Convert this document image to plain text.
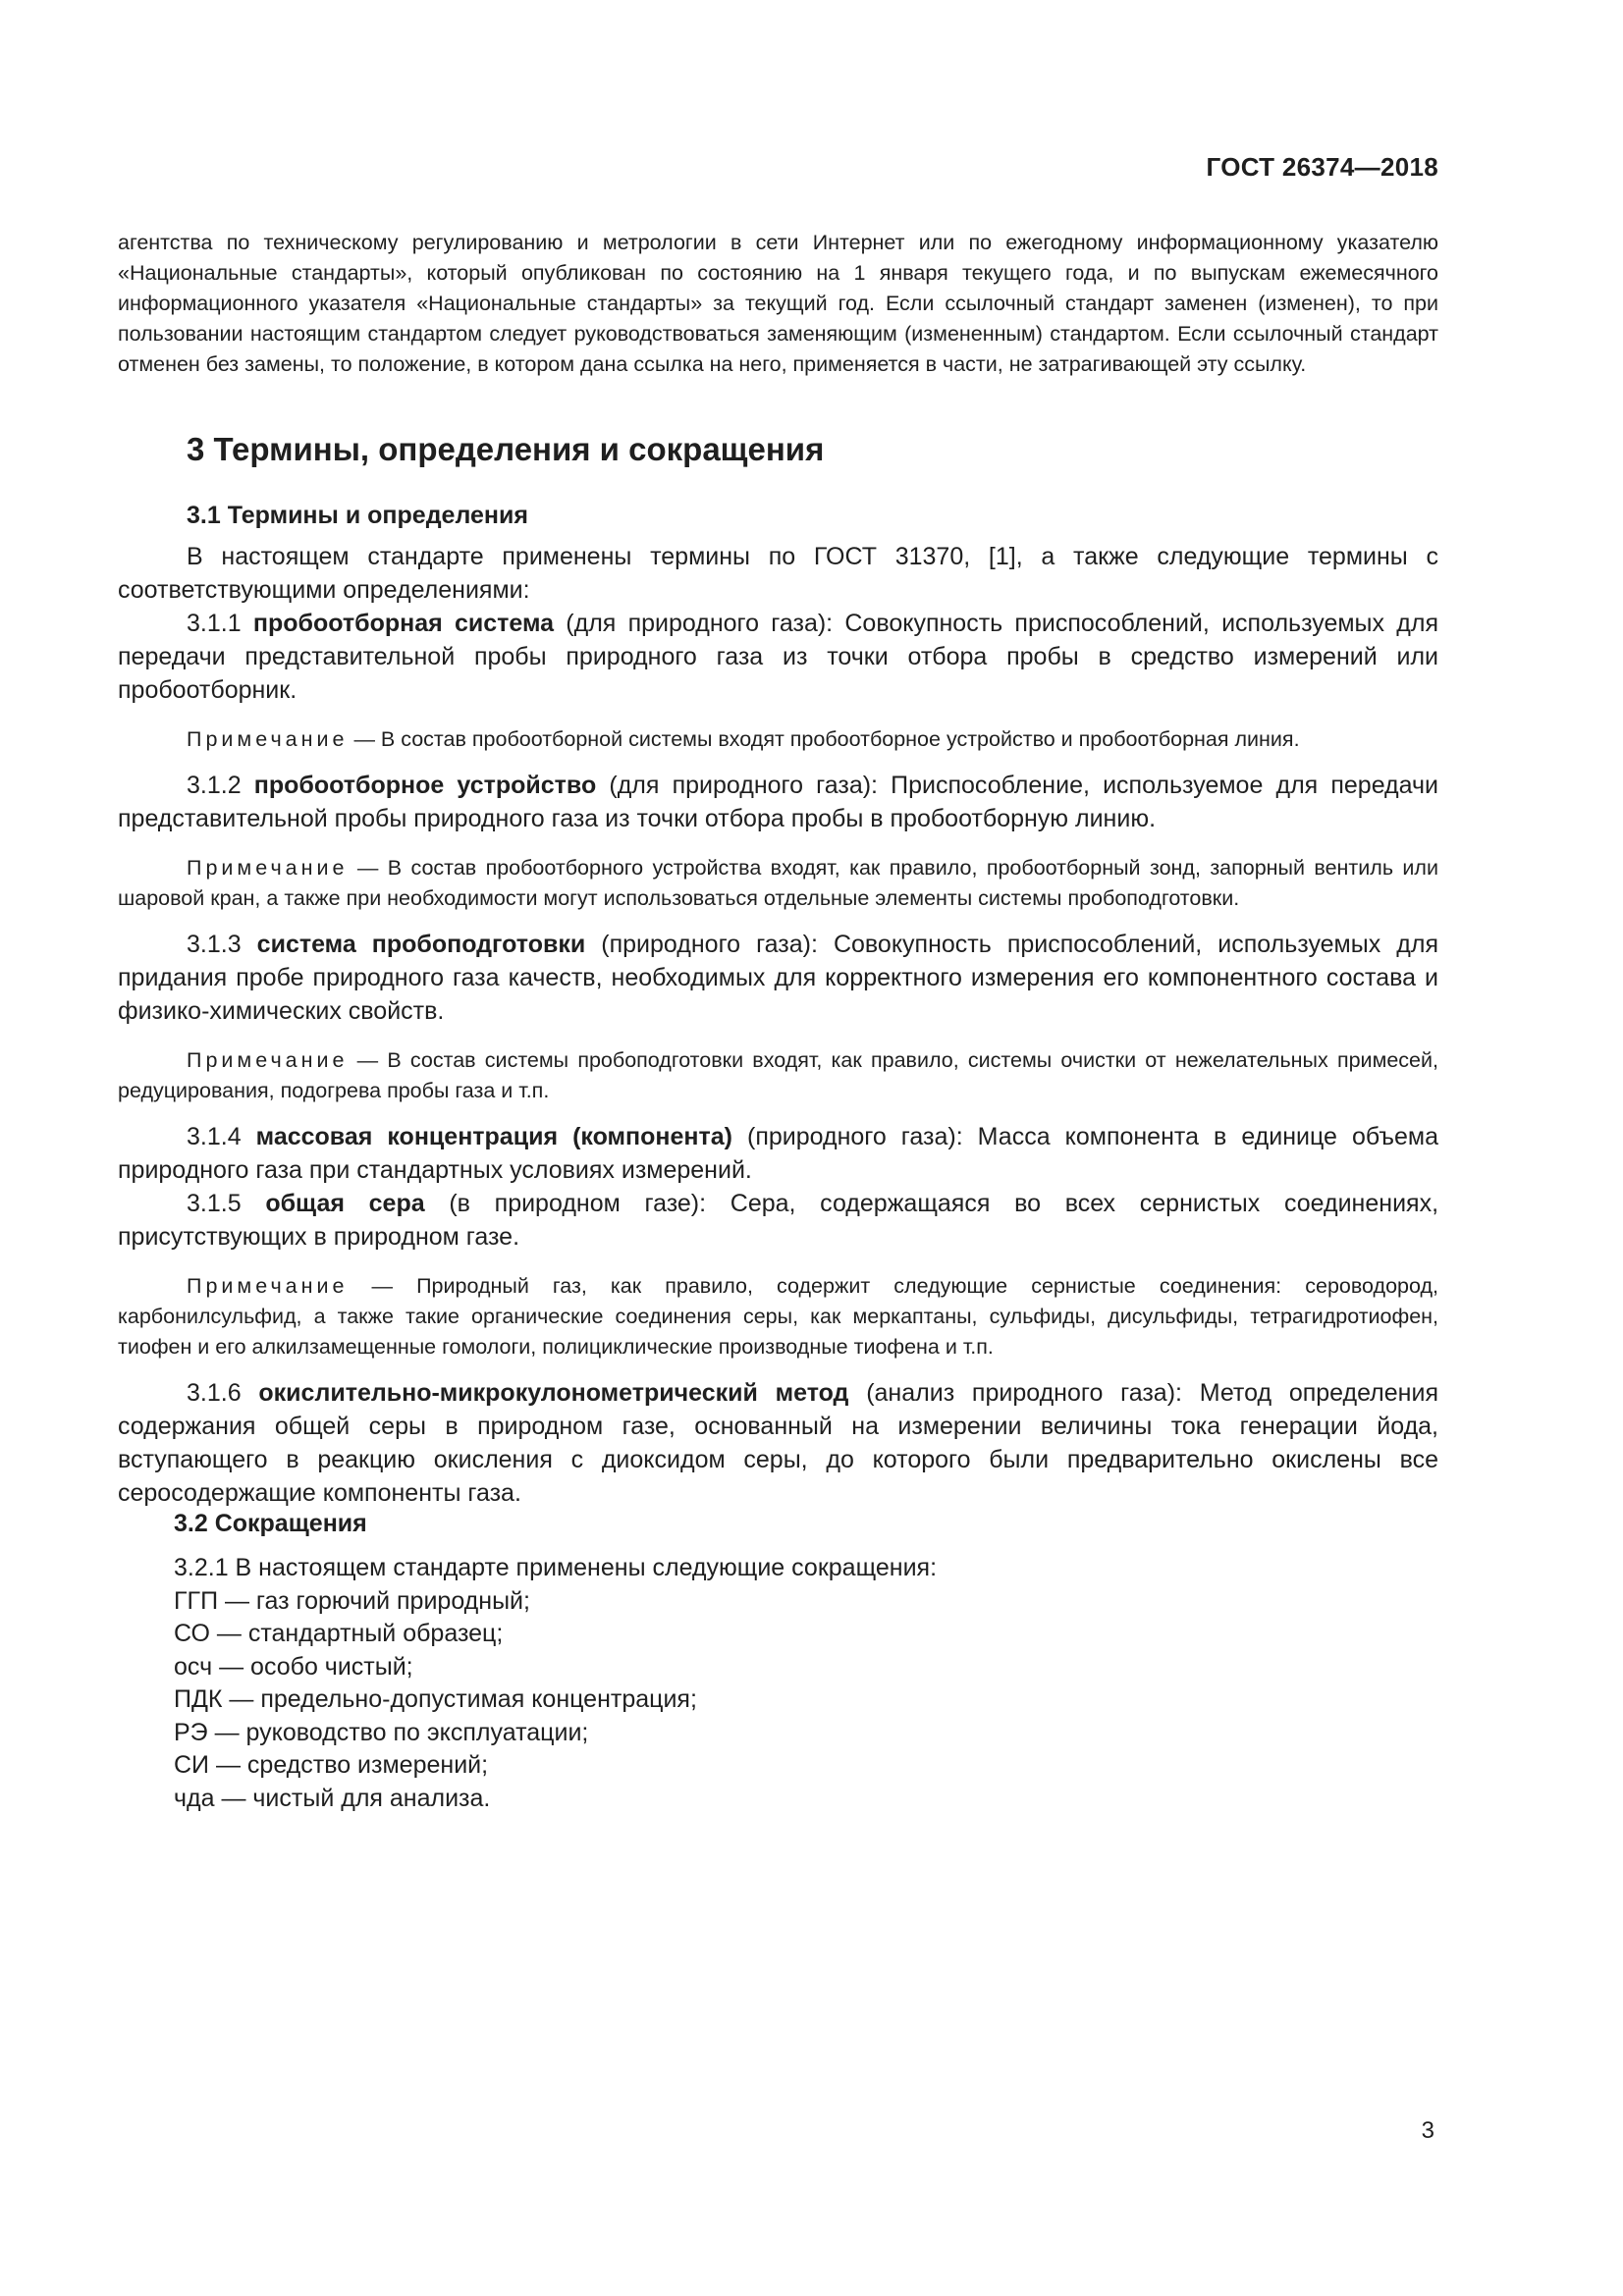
ГОСТ 26374—2018

агентства по техническому регулированию и метрологии в сети Интернет или по ежегодному информационному указателю «Национальные стандарты», который опубликован по состоянию на 1 января текущего года, и по выпускам ежемесячного информационного указателя «Национальные стандарты» за текущий год. Если ссылочный стандарт заменен (изменен), то при пользовании настоящим стандартом следует руководствоваться заменяющим (измененным) стандартом. Если ссылочный стандарт отменен без замены, то положение, в котором дана ссылка на него, применяется в части, не затрагивающей эту ссылку.

3 Термины, определения и сокращения
3.1 Термины и определения

В настоящем стандарте применены термины по ГОСТ 31370, [1], а также следующие термины с соответствующими определениями:

3.1.1 пробоотборная система (для природного газа): Совокупность приспособлений, используемых для передачи представительной пробы природного газа из точки отбора пробы в средство измерений или пробоотборник.

Примечание — В состав пробоотборной системы входят пробоотборное устройство и пробоотборная линия.

3.1.2 пробоотборное устройство (для природного газа): Приспособление, используемое для передачи представительной пробы природного газа из точки отбора пробы в пробоотборную линию.

Примечание — В состав пробоотборного устройства входят, как правило, пробоотборный зонд, запорный вентиль или шаровой кран, а также при необходимости могут использоваться отдельные элементы системы пробоподготовки.

3.1.3 система пробоподготовки (природного газа): Совокупность приспособлений, используемых для придания пробе природного газа качеств, необходимых для корректного измерения его компонентного состава и физико-химических свойств.

Примечание — В состав системы пробоподготовки входят, как правило, системы очистки от нежелательных примесей, редуцирования, подогрева пробы газа и т.п.

3.1.4 массовая концентрация (компонента) (природного газа): Масса компонента в единице объема природного газа при стандартных условиях измерений.

3.1.5 общая сера (в природном газе): Сера, содержащаяся во всех сернистых соединениях, присутствующих в природном газе.

Примечание — Природный газ, как правило, содержит следующие сернистые соединения: сероводород, карбонилсульфид, а также такие органические соединения серы, как меркаптаны, сульфиды, дисульфиды, тетрагидротиофен, тиофен и его алкилзамещенные гомологи, полициклические производные тиофена и т.п.

3.1.6 окислительно-микрокулонометрический метод (анализ природного газа): Метод определения содержания общей серы в природном газе, основанный на измерении величины тока генерации йода, вступающего в реакцию окисления с диоксидом серы, до которого были предварительно окислены все серосодержащие компоненты газа.

3.2 Сокращения

3.2.1 В настоящем стандарте применены следующие сокращения:

ГГП — газ горючий природный;

СО — стандартный образец;

осч — особо чистый;

ПДК — предельно-допустимая концентрация;

РЭ — руководство по эксплуатации;

СИ — средство измерений;

чда — чистый для анализа.

3
